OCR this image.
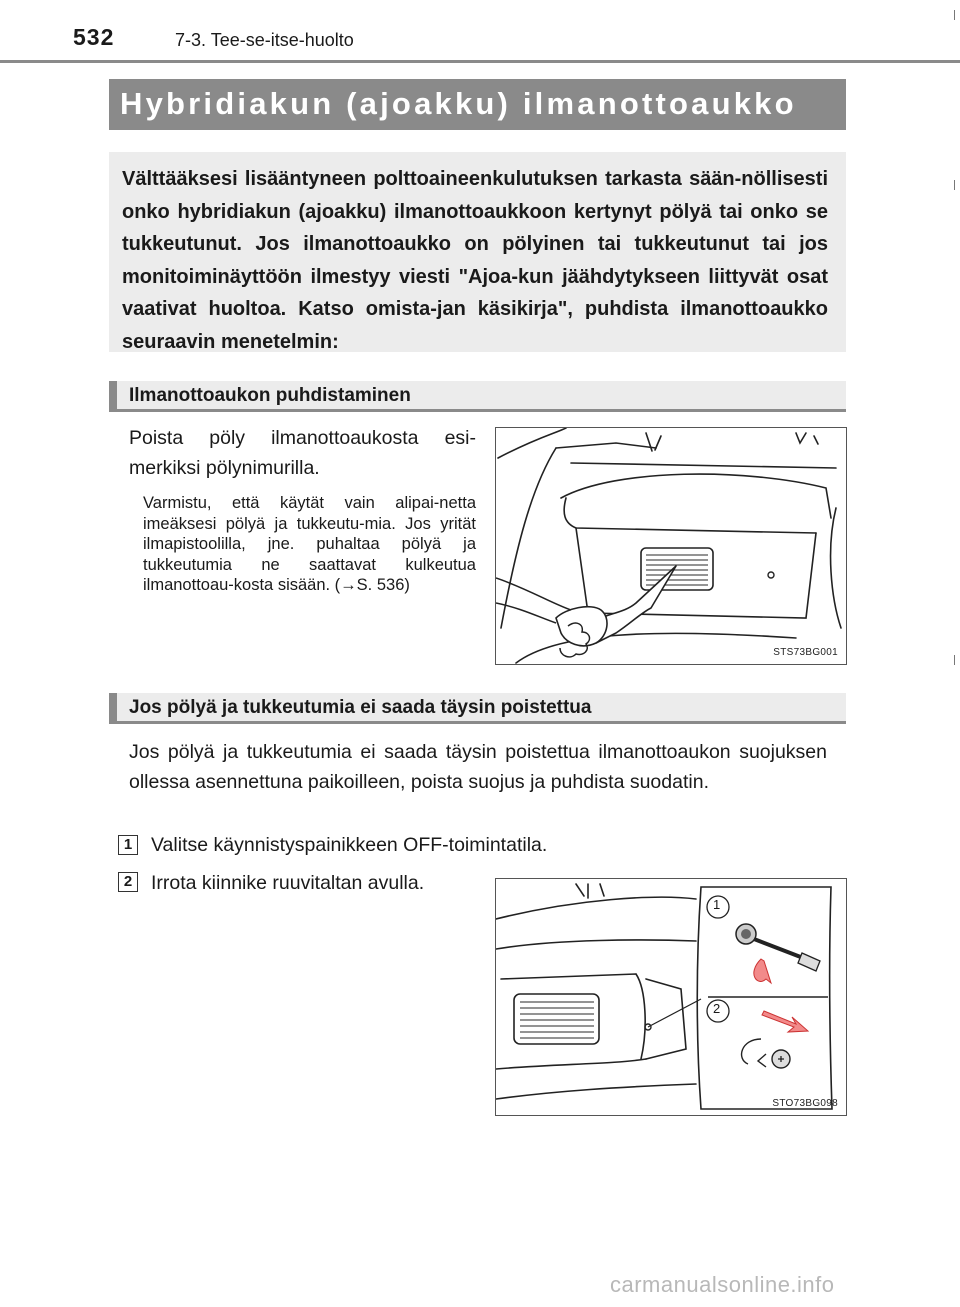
532	7-3. Tee-se-itse-huolto
Hybridiakun (ajoakku) ilmanottoaukko
Välttääksesi lisääntyneen polttoaineenkulutuksen tarkasta sään-nöllisesti onko hybridiakun (ajoakku) ilmanottoaukkoon kertynyt pölyä tai onko se tukkeutunut. Jos ilmanottoaukko on pölyinen tai tukkeutunut tai jos monitoiminäyttöön ilmestyy viesti "Ajoa-kun jäähdytykseen liittyvät osat vaativat huoltoa. Katso omista-jan käsikirja", puhdista ilmanottoaukko seuraavin menetelmin:
Ilmanottoaukon puhdistaminen
Poista pöly ilmanottoaukosta esi-merkiksi pölynimurilla.
Varmistu, että käytät vain alipai-netta imeäksesi pölyä ja tukkeutu-mia. Jos yrität ilmapistoolilla, jne. puhaltaa pölyä ja tukkeutumia ne saattavat kulkeutua ilmanottoau-kosta sisään. (→S. 536)
STS73BG001
Jos pölyä ja tukkeutumia ei saada täysin poistettua
Jos pölyä ja tukkeutumia ei saada täysin poistettua ilmanottoaukon suojuksen ollessa asennettuna paikoilleen, poista suojus ja puhdista suodatin.
1 Valitse käynnistyspainikkeen OFF-toimintatila.
2 Irrota kiinnike ruuvitaltan avulla.
1
2
STO73BG098
carmanualsonline.info
